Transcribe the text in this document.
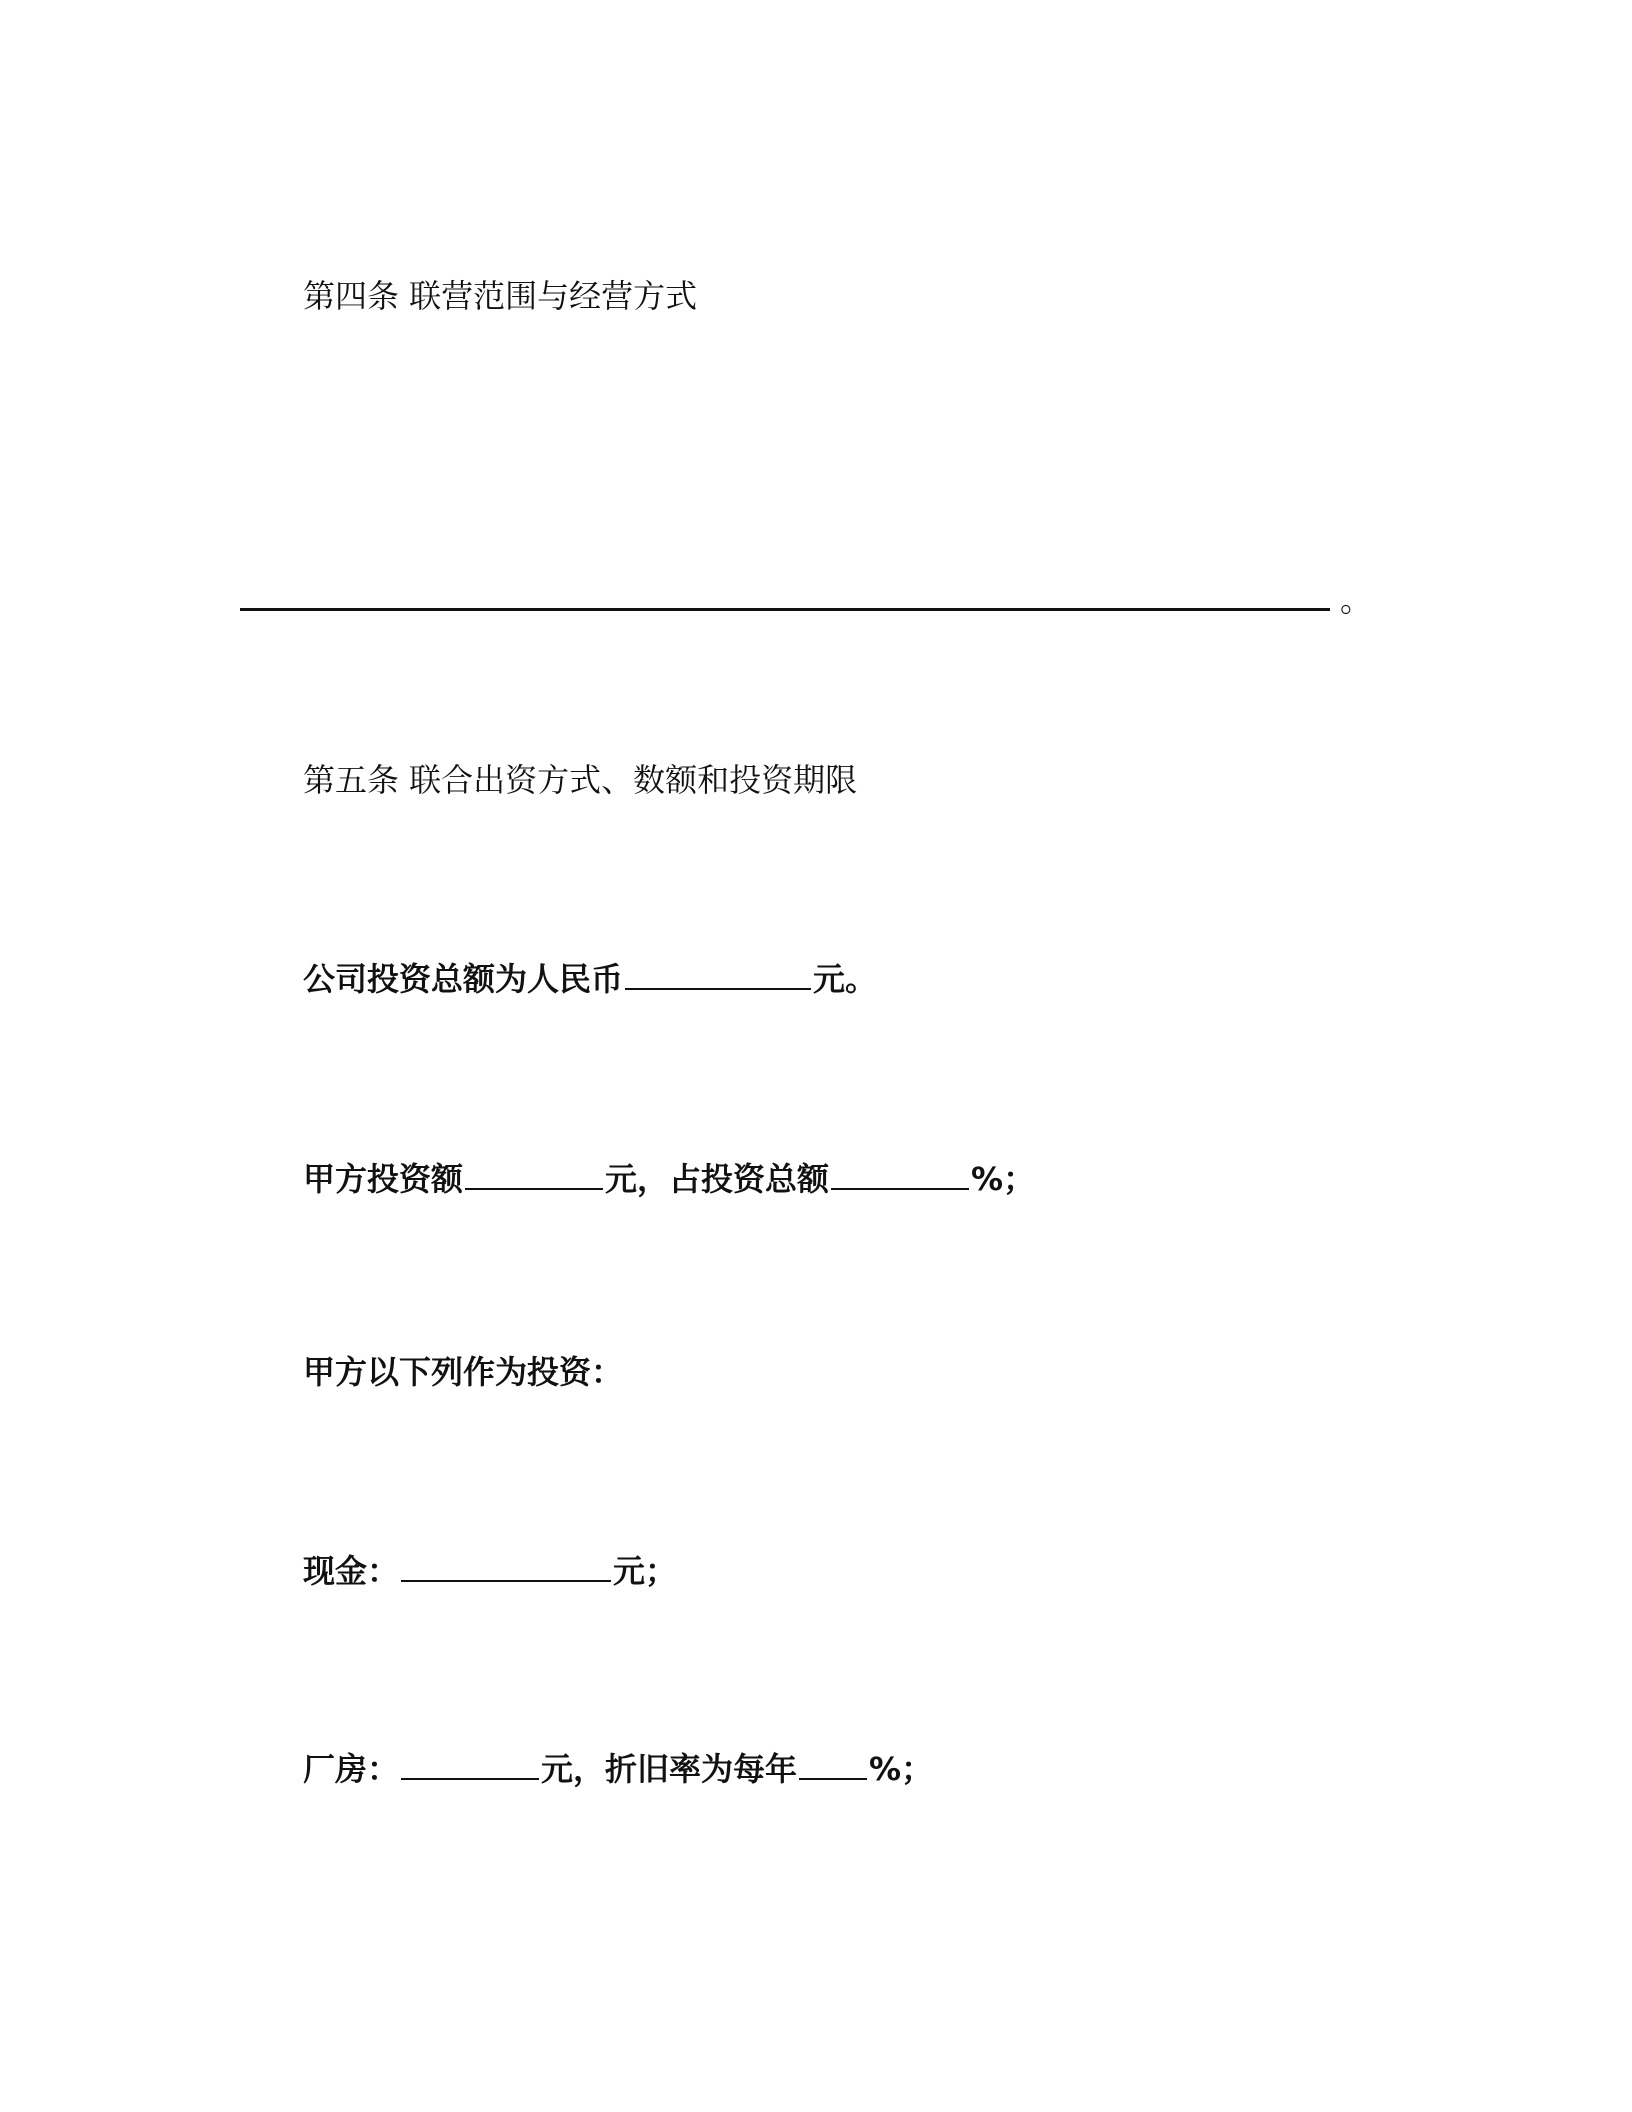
第四条 联营范围与经营方式
。
第五条 联合出资方式、数额和投资期限
公司投资总额为人民币	元。
甲方投资额	元，占投资总额	%；
甲方以下列作为投资：
现金：	元；
厂房：	元，折旧率为每年 %；
